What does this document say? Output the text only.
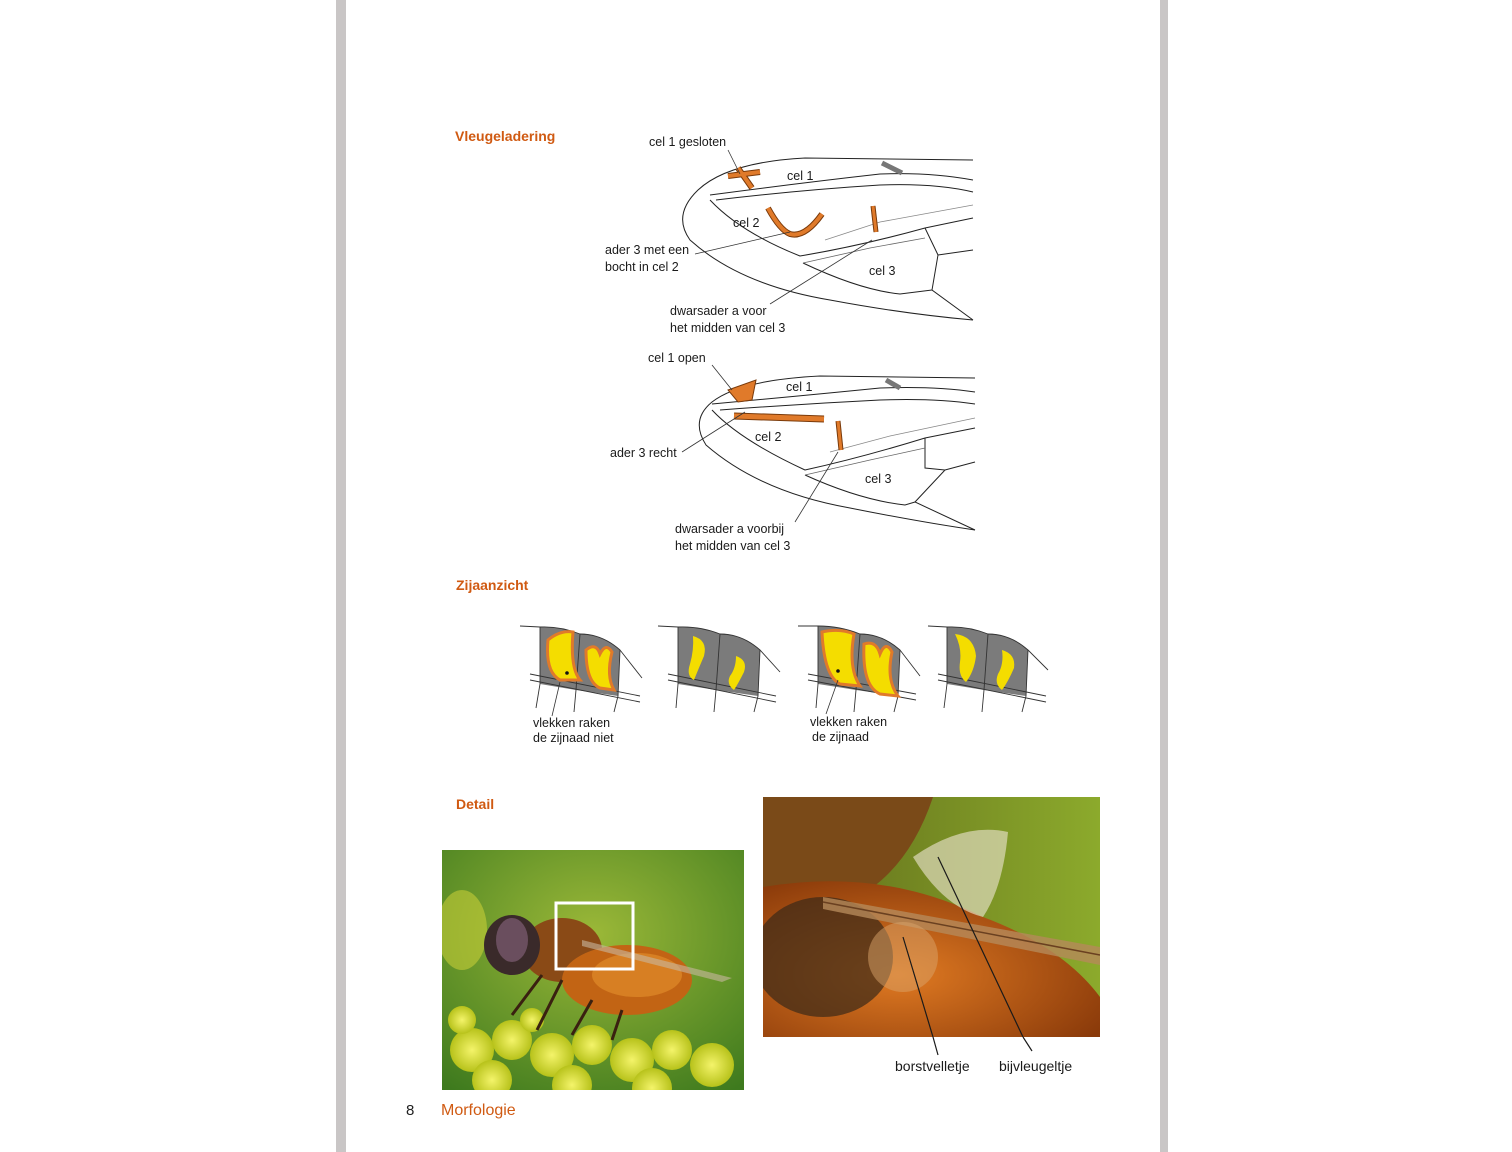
Vleugeladering
Zijaanzicht
Detail
cel 1 gesloten
cel 1
cel 2
cel 3
ader 3 met een
bocht in cel 2
dwarsader a voor
het midden van cel 3
cel 1 open
cel 1
cel 2
cel 3
ader 3 recht
dwarsader a voorbij
het midden van cel 3
vlekken raken
de zijnaad niet
vlekken raken
de zijnaad
borstvelletje bijvleugeltje
8 Morfologie
